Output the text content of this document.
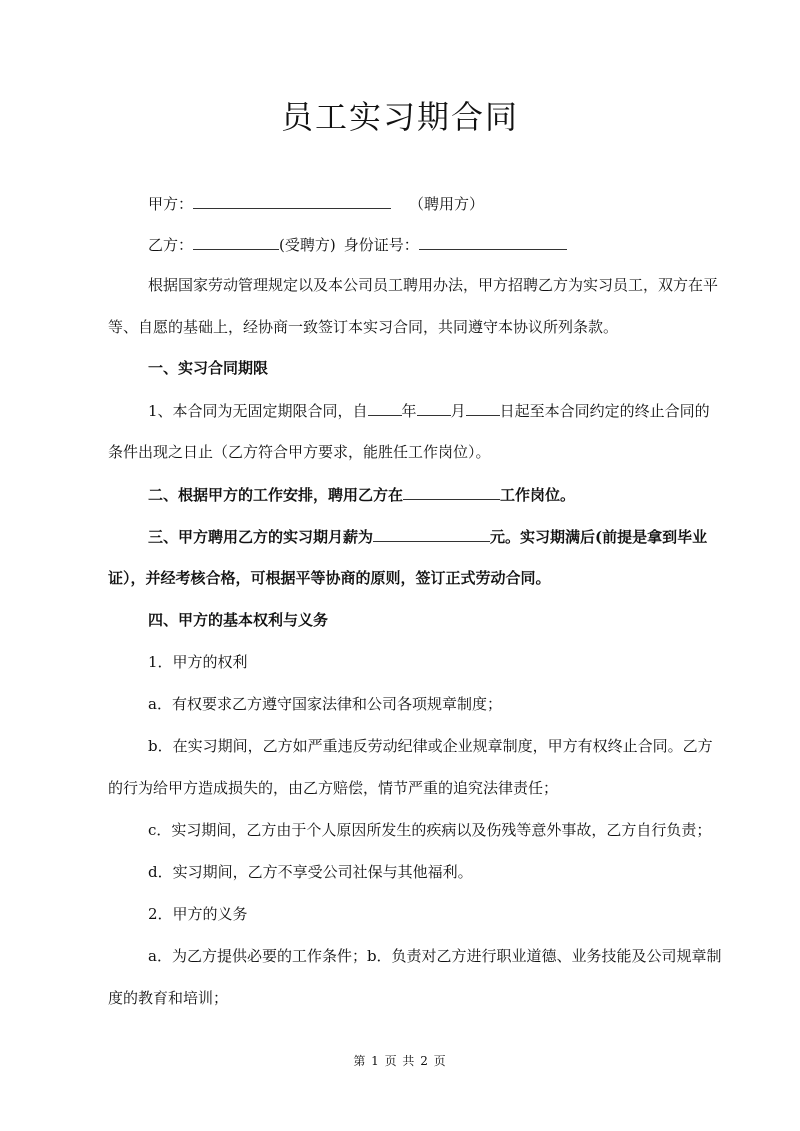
员工实习期合同
甲方：	（聘用方）
乙方：	(受聘方) 身份证号：
根据国家劳动管理规定以及本公司员工聘用办法，甲方招聘乙方为实习员工，双方在平
等、自愿的基础上，经协商一致签订本实习合同，共同遵守本协议所列条款。
一、实习合同期限
1、本合同为无固定期限合同，自 年 月 日起至本合同约定的终止合同的
条件出现之日止（乙方符合甲方要求，能胜任工作岗位）。
二、根据甲方的工作安排，聘用乙方在	工作岗位。
三、甲方聘用乙方的实习期月薪为	元。实习期满后(前提是拿到毕业
证），并经考核合格，可根据平等协商的原则，签订正式劳动合同。
四、甲方的基本权利与义务
1．甲方的权利
a．有权要求乙方遵守国家法律和公司各项规章制度；
b．在实习期间，乙方如严重违反劳动纪律或企业规章制度，甲方有权终止合同。乙方
的行为给甲方造成损失的，由乙方赔偿，情节严重的追究法律责任；
c．实习期间，乙方由于个人原因所发生的疾病以及伤残等意外事故，乙方自行负责；
d．实习期间，乙方不享受公司社保与其他福利。
2．甲方的义务
a．为乙方提供必要的工作条件；b．负责对乙方进行职业道德、业务技能及公司规章制
度的教育和培训；
第 1 页 共 2 页
